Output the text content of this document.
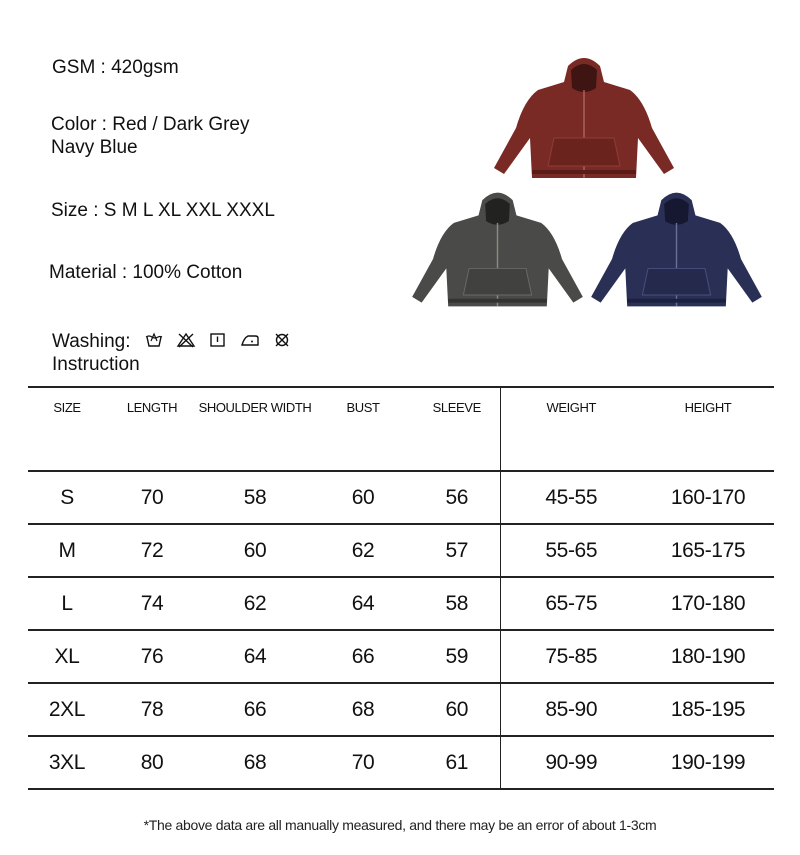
GSM : 420gsm
Color : Red / Dark Grey
Navy Blue
Size : S M L XL XXL XXXL
Material : 100% Cotton
Washing:
Instruction
SIZE	LENGTH	SHOULDER WIDTH	BUST	SLEEVE	WEIGHT	HEIGHT
S	70	58	60	56	45-55	160-170
M	72	60	62	57	55-65	165-175
L	74	62	64	58	65-75	170-180
XL	76	64	66	59	75-85	180-190
2XL	78	66	68	60	85-90	185-195
3XL	80	68	70	61	90-99	190-199
*The above data are all manually measured, and there may be an error of about 1-3cm
